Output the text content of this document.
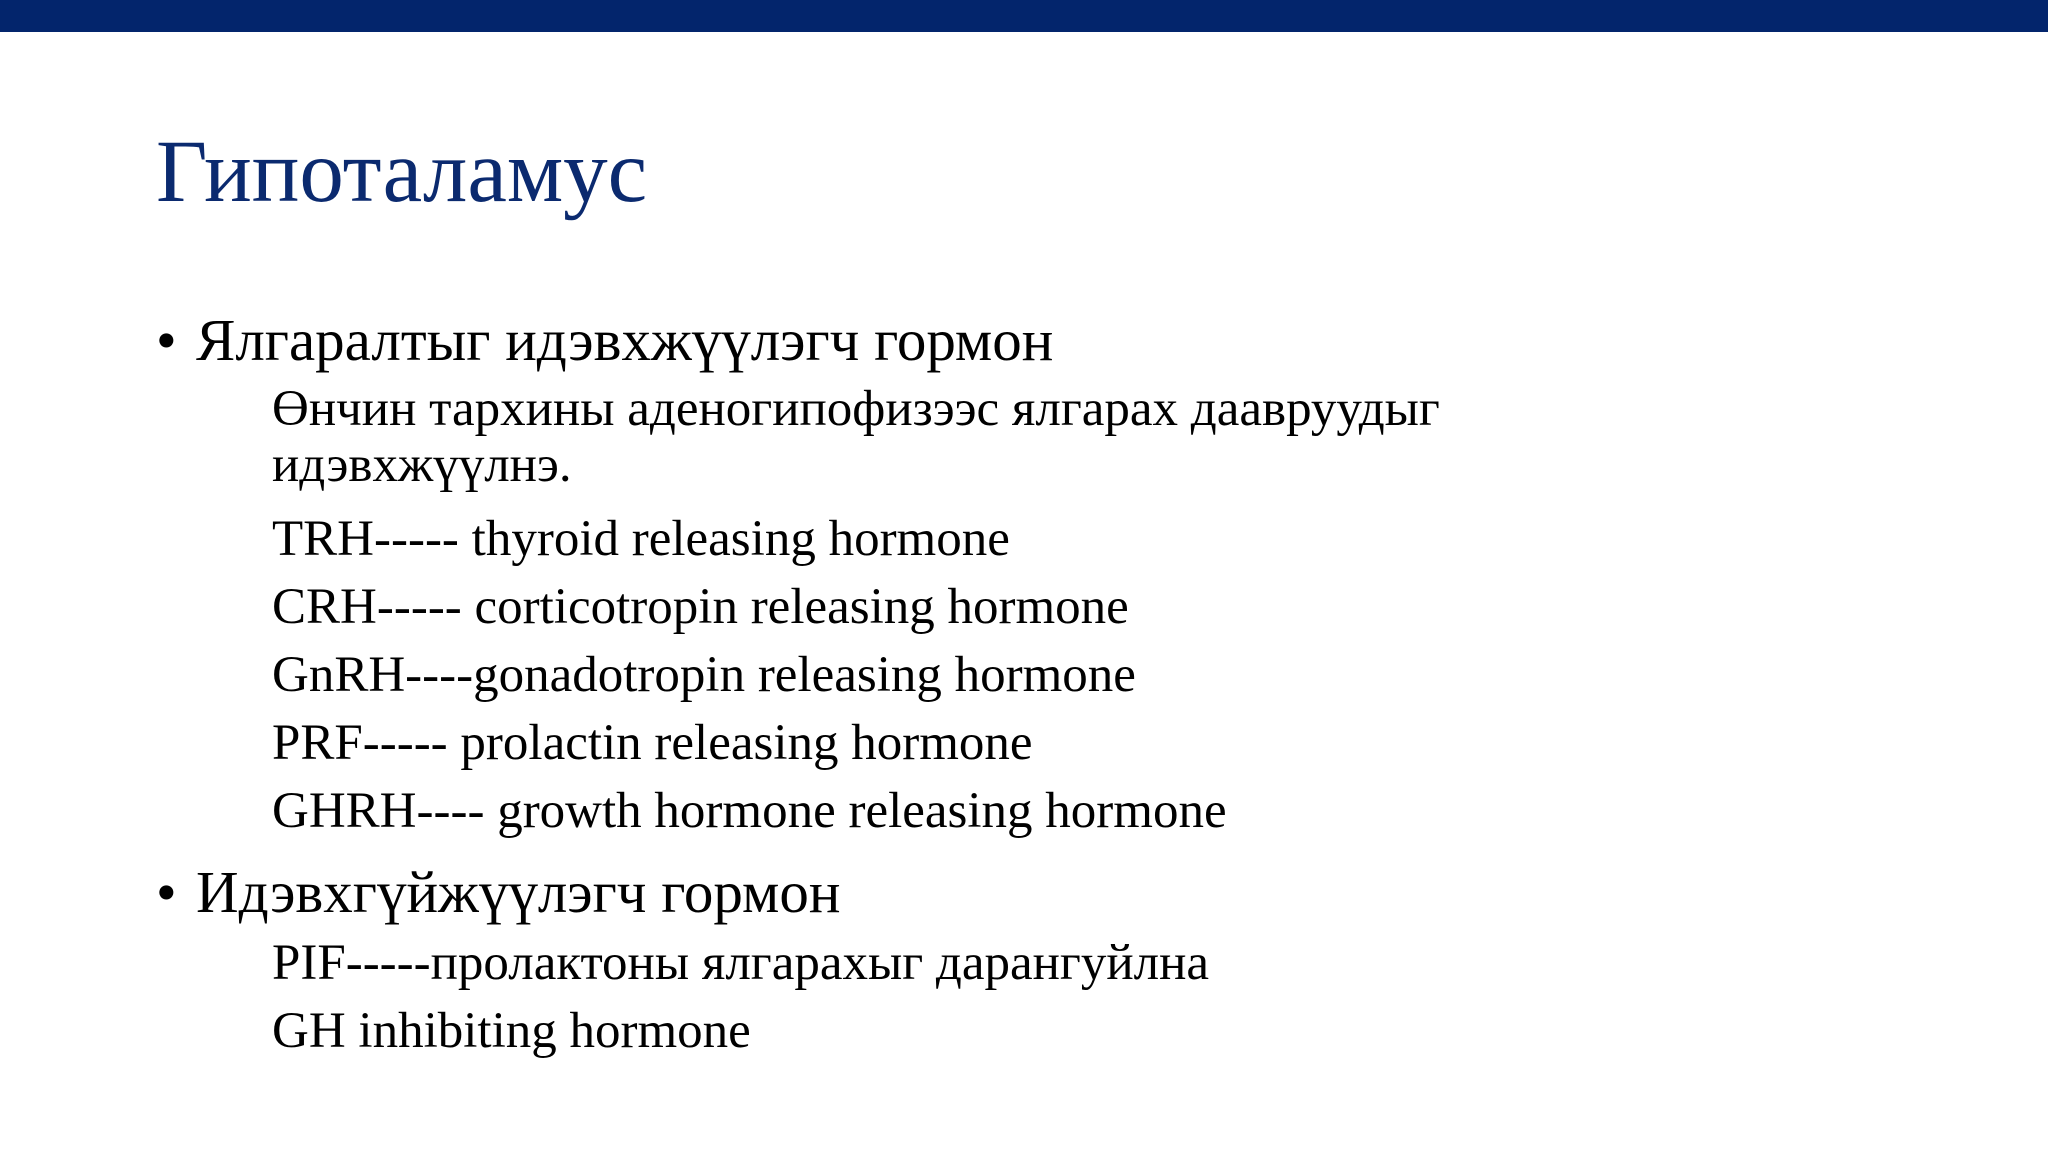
Гипоталамус
• Ялгаралтыг идэвхжүүлэгч гормон
Өнчин тархины аденогипофизээс ялгарах даавруудыг
идэвхжүүлнэ.
TRH----- thyroid releasing hormone
CRH----- corticotropin releasing hormone
GnRH----gonadotropin releasing hormone
PRF----- prolactin releasing hormone
GHRH---- growth hormone releasing hormone
• Идэвхгүйжүүлэгч гормон
PIF-----пролактоны ялгарахыг дарангуйлна
GH inhibiting hormone
